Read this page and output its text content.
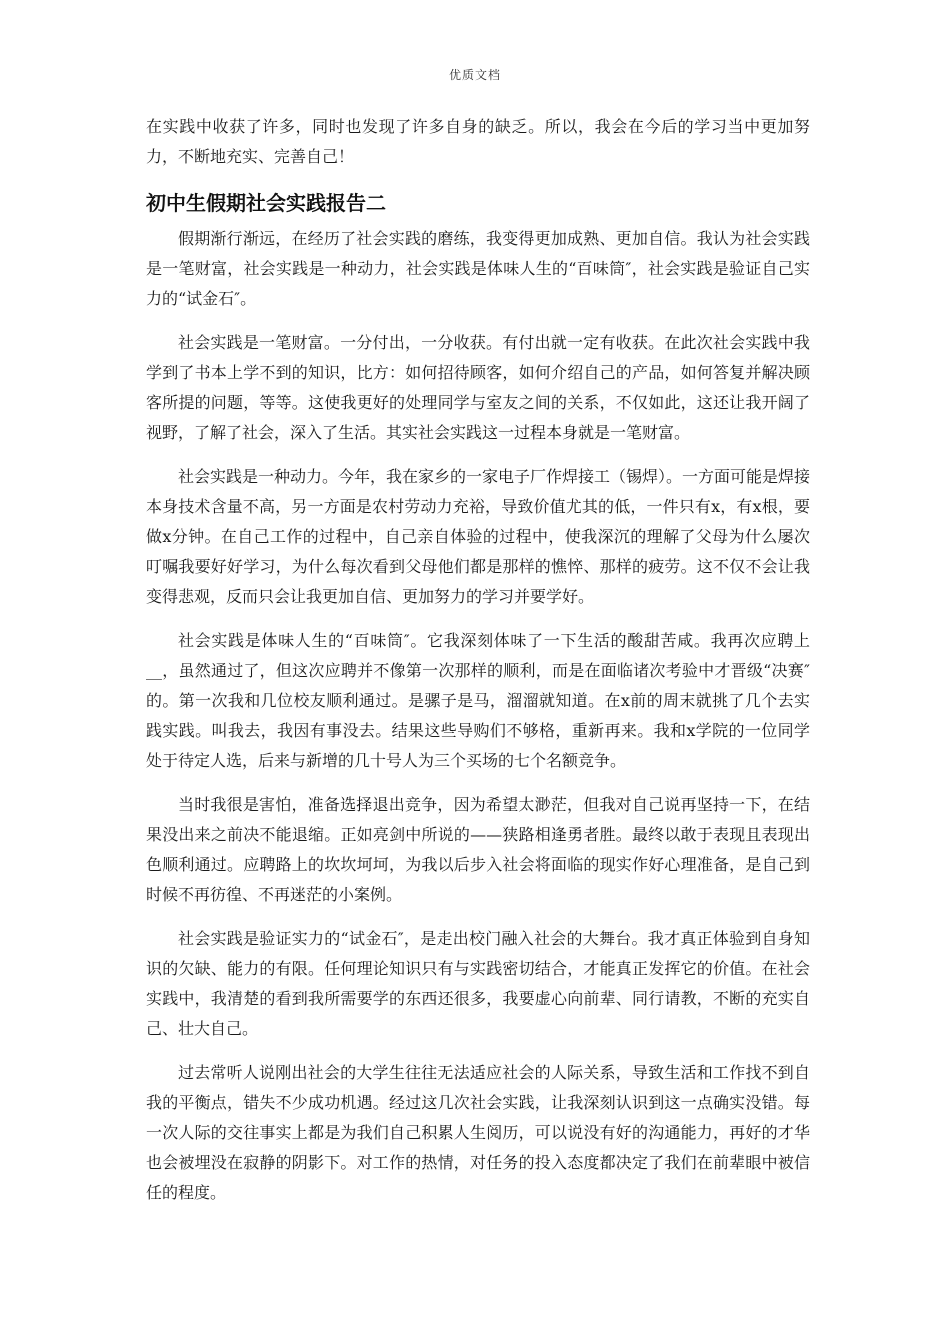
优质文档

在实践中收获了许多，同时也发现了许多自身的缺乏。所以，我会在今后的学习当中更加努力，不断地充实、完善自己！

初中生假期社会实践报告二

假期渐行渐远，在经历了社会实践的磨练，我变得更加成熟、更加自信。我认为社会实践是一笔财富，社会实践是一种动力，社会实践是体味人生的“百味筒″，社会实践是验证自己实力的“试金石″。

社会实践是一笔财富。一分付出，一分收获。有付出就一定有收获。在此次社会实践中我学到了书本上学不到的知识，比方：如何招待顾客，如何介绍自己的产品，如何答复并解决顾客所提的问题，等等。这使我更好的处理同学与室友之间的关系，不仅如此，这还让我开阔了视野，了解了社会，深入了生活。其实社会实践这一过程本身就是一笔财富。

社会实践是一种动力。今年，我在家乡的一家电子厂作焊接工（锡焊）。一方面可能是焊接本身技术含量不高，另一方面是农村劳动力充裕，导致价值尤其的低，一件只有x，有x根，要做x分钟。在自己工作的过程中，自己亲自体验的过程中，使我深沉的理解了父母为什么屡次叮嘱我要好好学习，为什么每次看到父母他们都是那样的憔悴、那样的疲劳。这不仅不会让我变得悲观，反而只会让我更加自信、更加努力的学习并要学好。

社会实践是体味人生的“百味筒″。它我深刻体味了一下生活的酸甜苦咸。我再次应聘上__，虽然通过了，但这次应聘并不像第一次那样的顺利，而是在面临诸次考验中才晋级“决赛″的。第一次我和几位校友顺利通过。是骡子是马，溜溜就知道。在x前的周末就挑了几个去实践实践。叫我去，我因有事没去。结果这些导购们不够格，重新再来。我和x学院的一位同学处于待定人选，后来与新增的几十号人为三个买场的七个名额竞争。

当时我很是害怕，准备选择退出竞争，因为希望太渺茫，但我对自己说再坚持一下，在结果没出来之前决不能退缩。正如亮剑中所说的——狭路相逢勇者胜。最终以敢于表现且表现出色顺利通过。应聘路上的坎坎坷坷，为我以后步入社会将面临的现实作好心理准备，是自己到时候不再彷徨、不再迷茫的小案例。

社会实践是验证实力的“试金石″，是走出校门融入社会的大舞台。我才真正体验到自身知识的欠缺、能力的有限。任何理论知识只有与实践密切结合，才能真正发挥它的价值。在社会实践中，我清楚的看到我所需要学的东西还很多，我要虚心向前辈、同行请教，不断的充实自己、壮大自己。

过去常听人说刚出社会的大学生往往无法适应社会的人际关系，导致生活和工作找不到自我的平衡点，错失不少成功机遇。经过这几次社会实践，让我深刻认识到这一点确实没错。每一次人际的交往事实上都是为我们自己积累人生阅历，可以说没有好的沟通能力，再好的才华也会被埋没在寂静的阴影下。对工作的热情，对任务的投入态度都决定了我们在前辈眼中被信任的程度。
